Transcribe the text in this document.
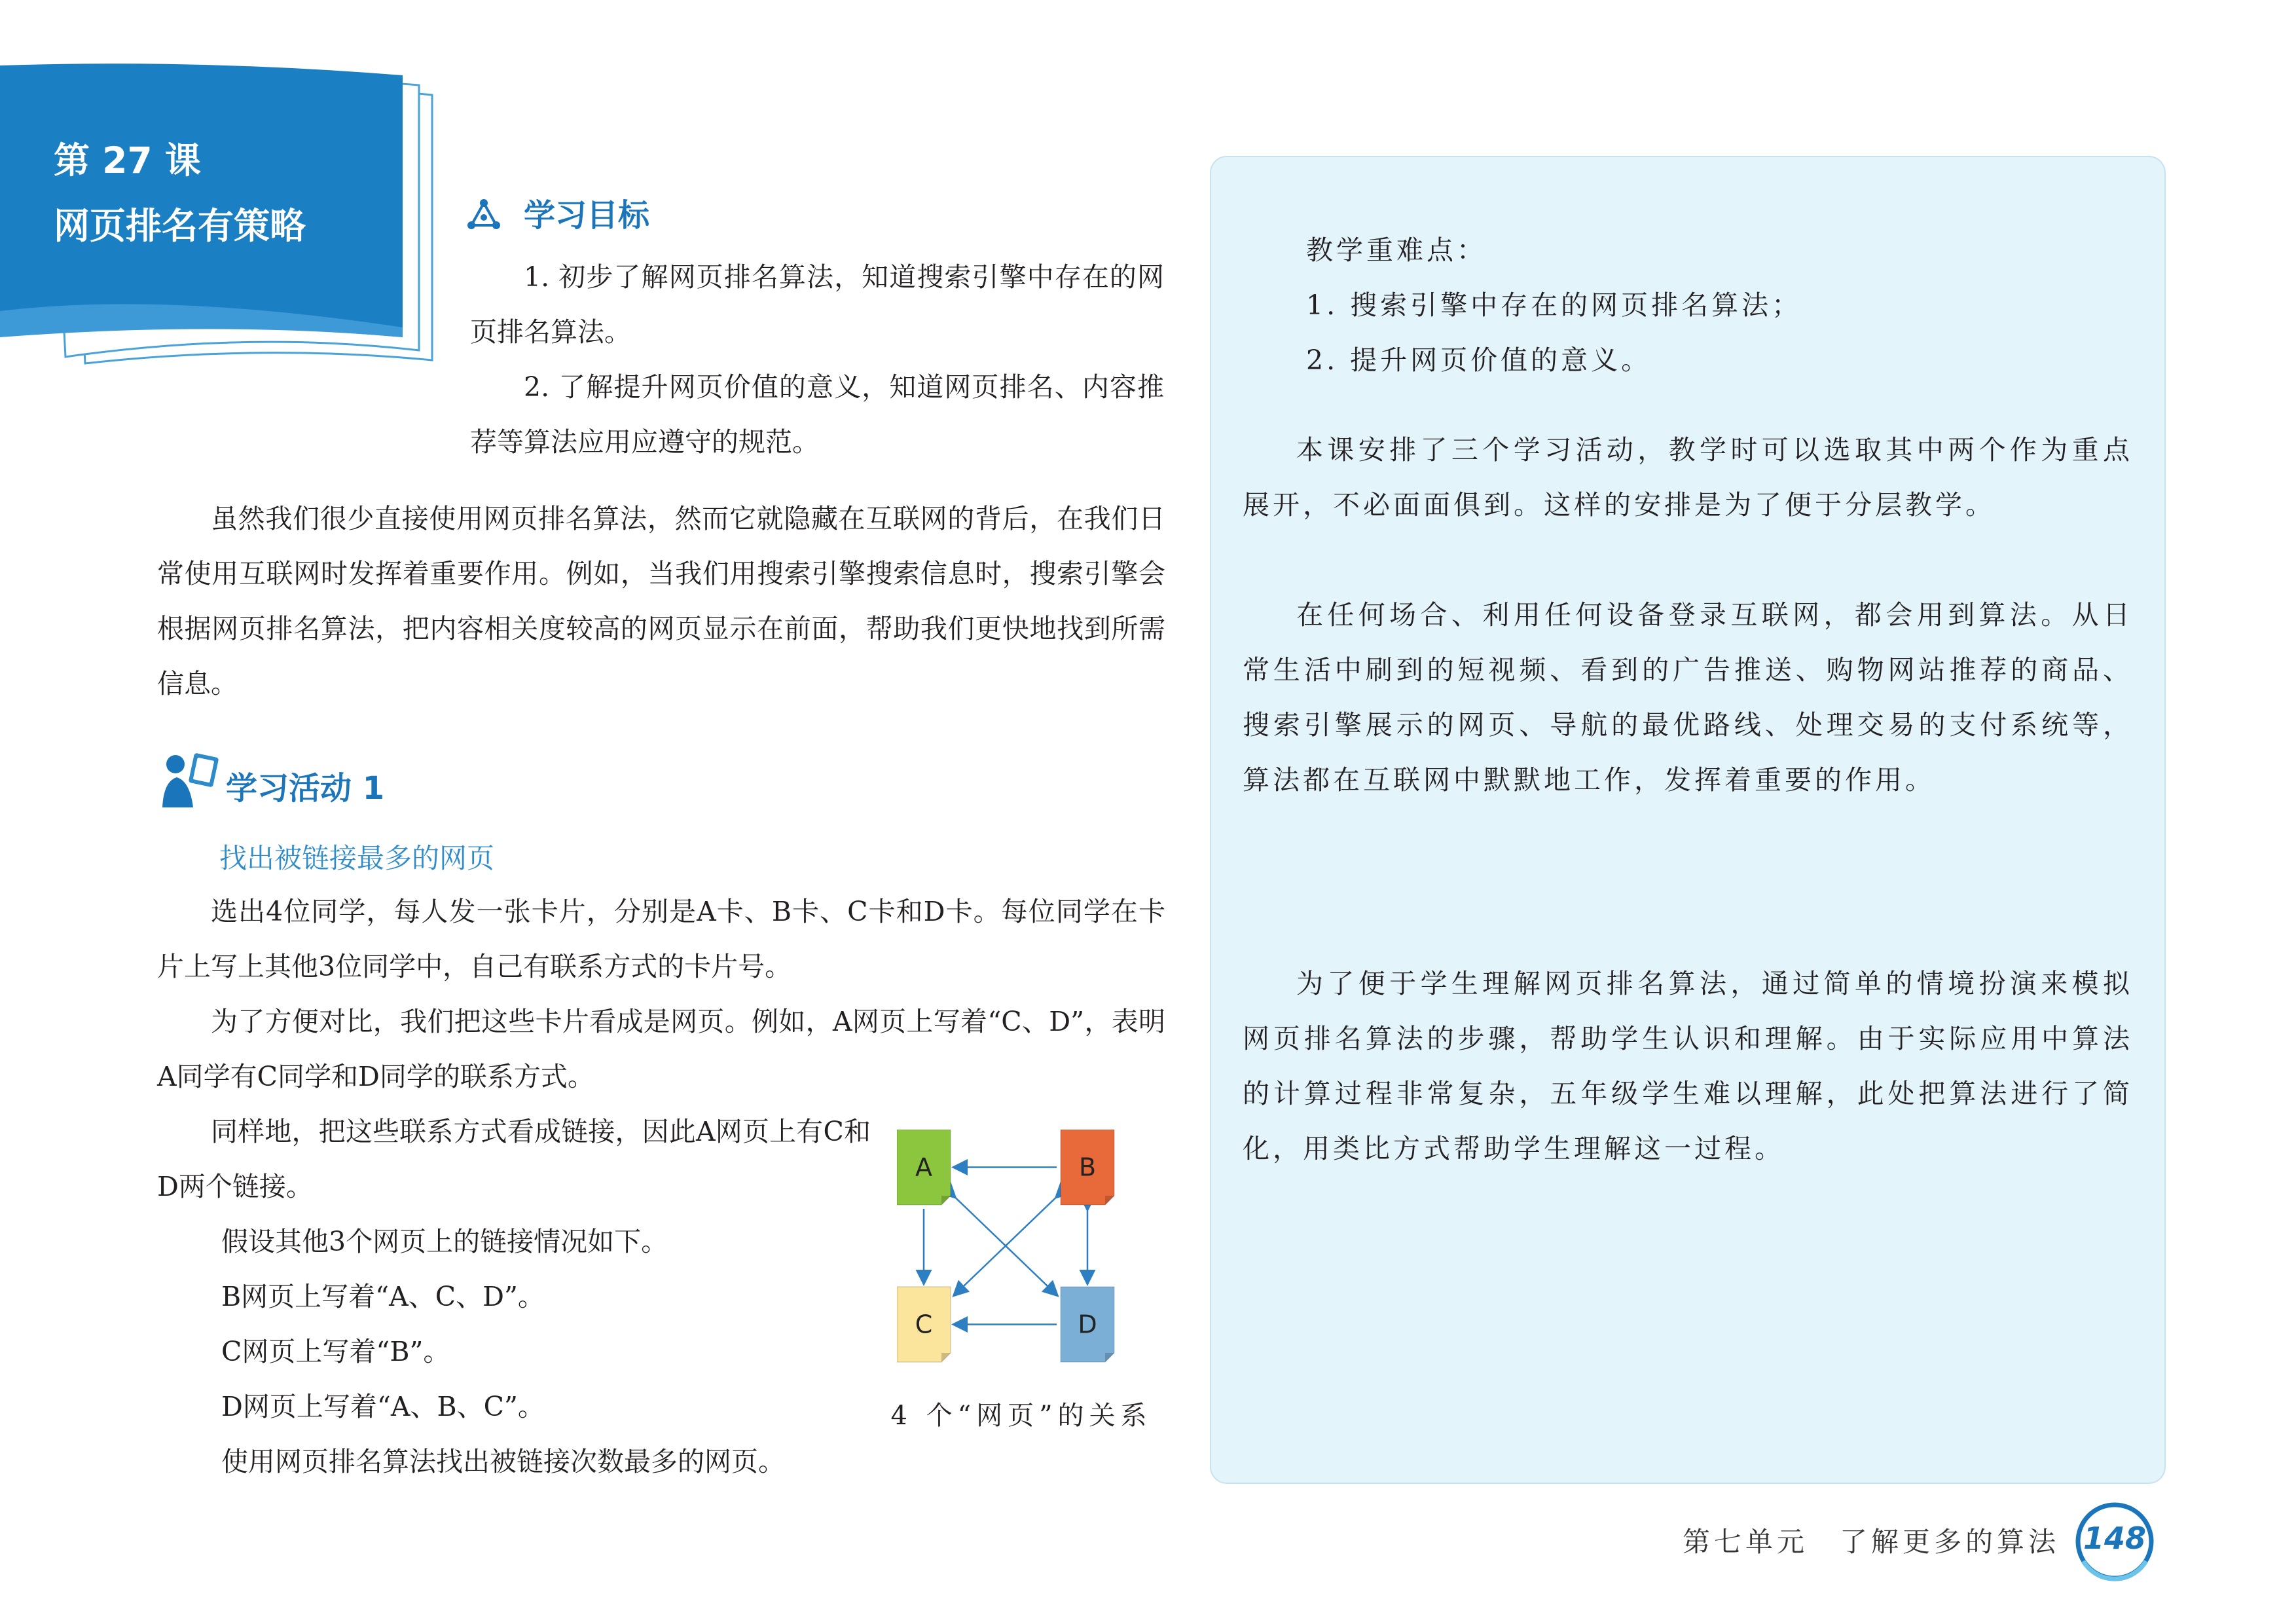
第 27 课
网页排名有策略	学习目标
1. 初步了解网页排名算法，知道搜索引擎中存在的网页排名算法。
2. 了解提升网页价值的意义，知道网页排名、内容推荐等算法应用应遵守的规范。
虽然我们很少直接使用网页排名算法，然而它就隐藏在互联网的背后，在我们日常使用互联网时发挥着重要作用。例如，当我们用搜索引擎搜索信息时，搜索引擎会根据网页排名算法，把内容相关度较高的网页显示在前面，帮助我们更快地找到所需信息。
学习活动 1
找出被链接最多的网页
选出4位同学，每人发一张卡片，分别是A卡、B卡、C卡和D卡。每位同学在卡片上写上其他3位同学中，自己有联系方式的卡片号。
为了方便对比，我们把这些卡片看成是网页。例如，A网页上写着“C、D”，表明A同学有C同学和D同学的联系方式。
同样地，把这些联系方式看成链接，因此A网页上有C和D两个链接。
假设其他3个网页上的链接情况如下。
B网页上写着“A、C、D”。
C网页上写着“B”。
D网页上写着“A、B、C”。
使用网页排名算法找出被链接次数最多的网页。
A	B
C	D
4 个“网页”的关系
教学重难点：
1. 搜索引擎中存在的网页排名算法；
2. 提升网页价值的意义。
本课安排了三个学习活动，教学时可以选取其中两个作为重点展开，不必面面俱到。这样的安排是为了便于分层教学。
在任何场合、利用任何设备登录互联网，都会用到算法。从日常生活中刷到的短视频、看到的广告推送、购物网站推荐的商品、搜索引擎展示的网页、导航的最优路线、处理交易的支付系统等，算法都在互联网中默默地工作，发挥着重要的作用。
为了便于学生理解网页排名算法，通过简单的情境扮演来模拟网页排名算法的步骤，帮助学生认识和理解。由于实际应用中算法的计算过程非常复杂，五年级学生难以理解，此处把算法进行了简化，用类比方式帮助学生理解这一过程。
第七单元　了解更多的算法 148
